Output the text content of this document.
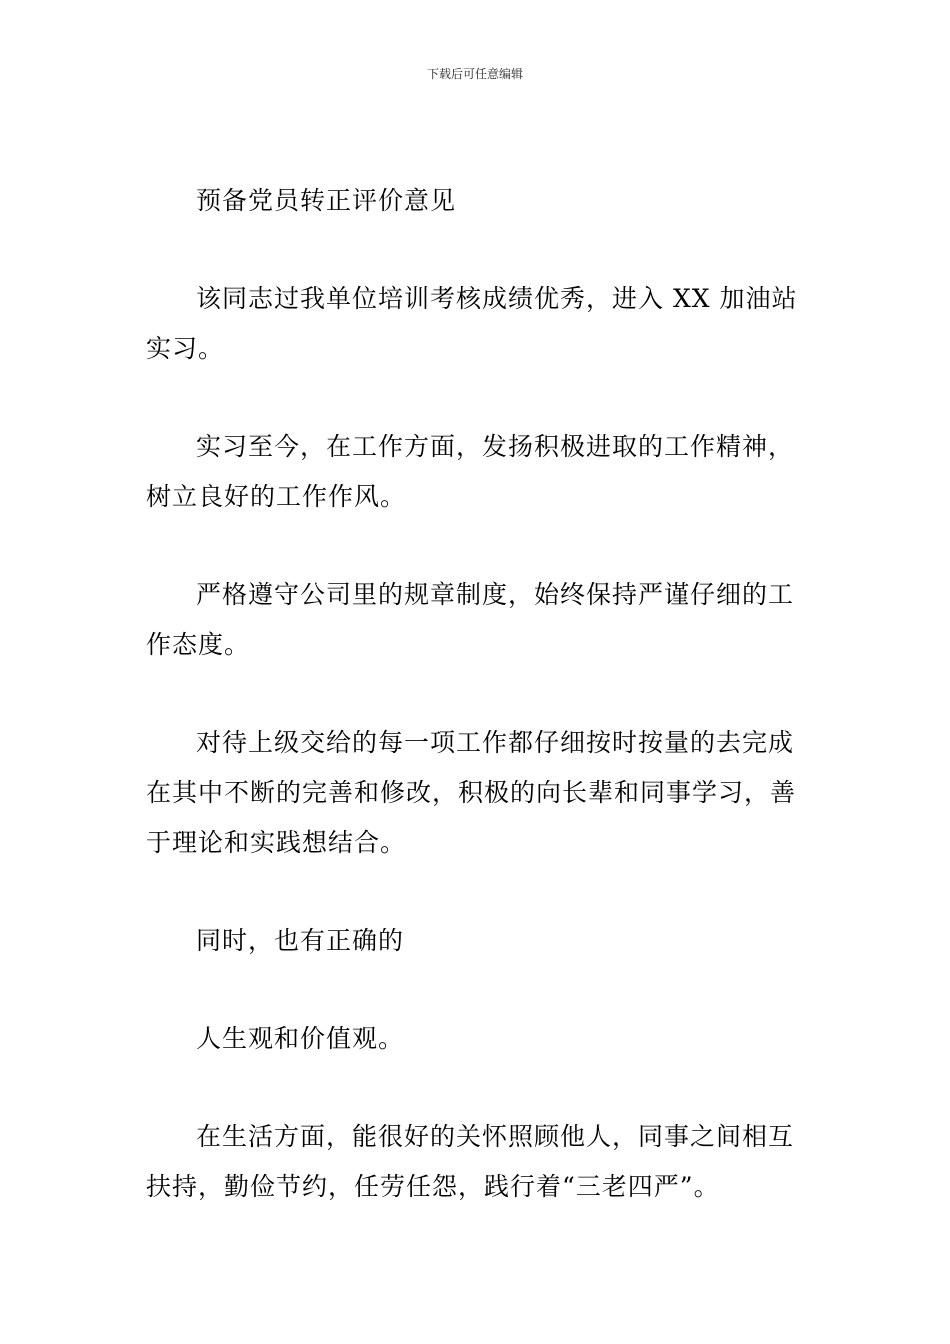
下载后可任意编辑

预备党员转正评价意见

该同志过我单位培训考核成绩优秀，进入 XX 加油站实习。

实习至今，在工作方面，发扬积极进取的工作精神，树立良好的工作作风。

严格遵守公司里的规章制度，始终保持严谨仔细的工作态度。

对待上级交给的每一项工作都仔细按时按量的去完成在其中不断的完善和修改，积极的向长辈和同事学习，善于理论和实践想结合。

同时，也有正确的

人生观和价值观。

在生活方面，能很好的关怀照顾他人，同事之间相互扶持，勤俭节约，任劳任怨，践行着“三老四严”。
